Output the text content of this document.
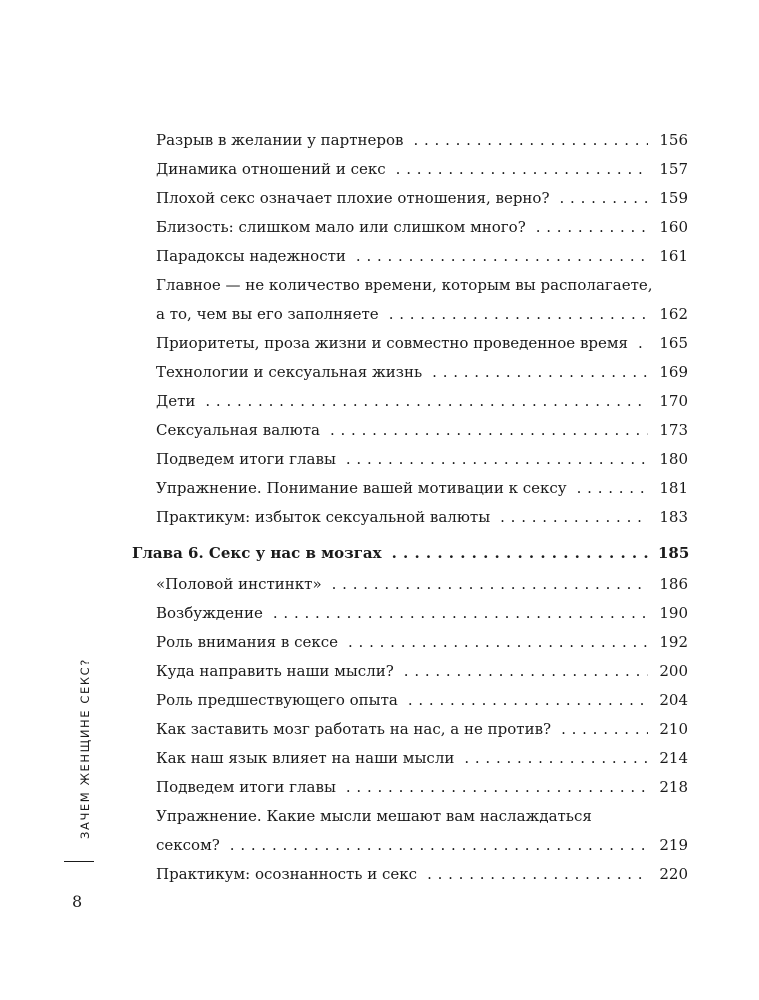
Разрыв в желании у партнеров . . .	156
Динамика отношений и секс . . .	157
Плохой секс означает плохие отношения, верно? . . .	159
Близость: слишком мало или слишком много? . . .	160
Парадоксы надежности . . .	161
Главное — не количество времени, которым вы располагаете,
а то, чем вы его заполняете . . .	162
Приоритеты, проза жизни и совместно проведенное время . . . 165
Технологии и сексуальная жизнь . . .	169
Дети . . .	170
Сексуальная валюта . . .	173
Подведем итоги главы . . .	180
Упражнение. Понимание вашей мотивации к сексу . . .	181
Практикум: избыток сексуальной валюты . . .	183
Глава 6. Секс у нас в мозгах . . .	185
«Половой инстинкт» . . .	186
Возбуждение . . .	190
Роль внимания в сексе . . .	192
Куда направить наши мысли? . . .	200
Роль предшествующего опыта . . .	204
Как заставить мозг работать на нас, а не против? . . .	210
Как наш язык влияет на наши мысли . . .	214
Подведем итоги главы . . .	218
Упражнение. Какие мысли мешают вам наслаждаться
сексом? . . .	219
Практикум: осознанность и секс . . .	220
ЗАЧЕМ ЖЕНЩИНЕ СЕКС?
8
